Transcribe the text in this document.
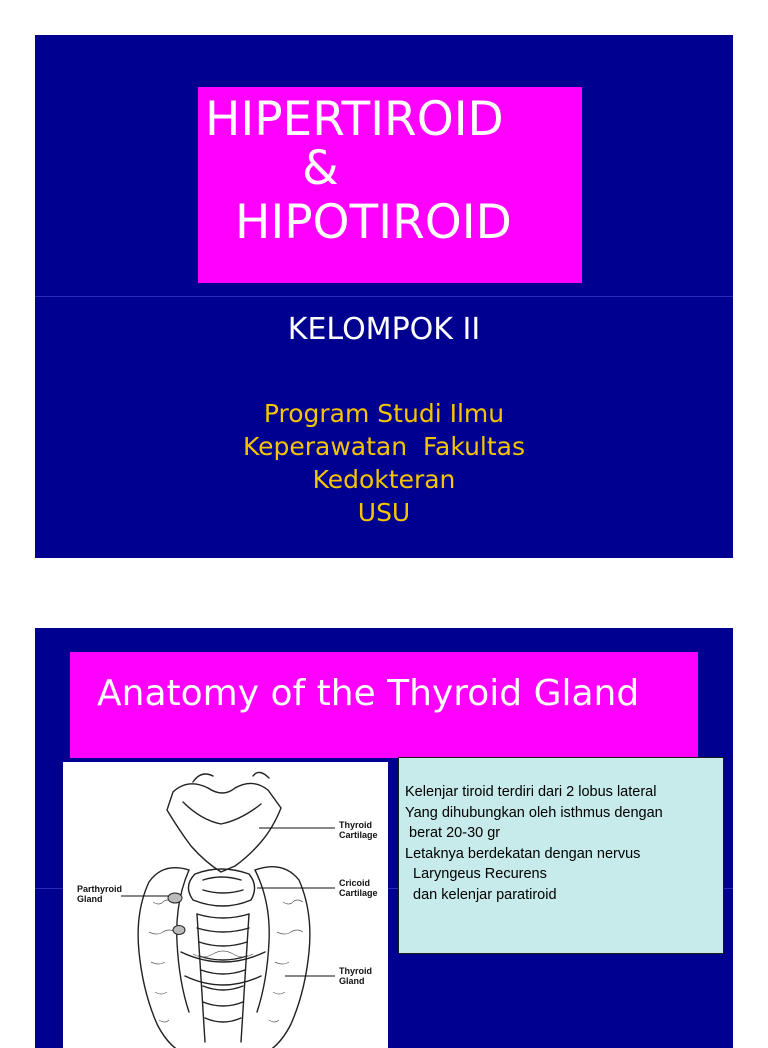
HIPERTIROID
&
HIPOTIROID
KELOMPOK II
Program Studi Ilmu
Keperawatan  Fakultas
Kedokteran
USU
Anatomy of the Thyroid Gland
Thyroid
Cartilage
Cricoid
Cartilage
Parthyroid
Gland
Thyroid
Gland
Kelenjar tiroid terdiri dari 2 lobus lateral
Yang dihubungkan oleh isthmus dengan
berat 20-30 gr
Letaknya berdekatan dengan nervus
Laryngeus Recurens
dan kelenjar paratiroid
